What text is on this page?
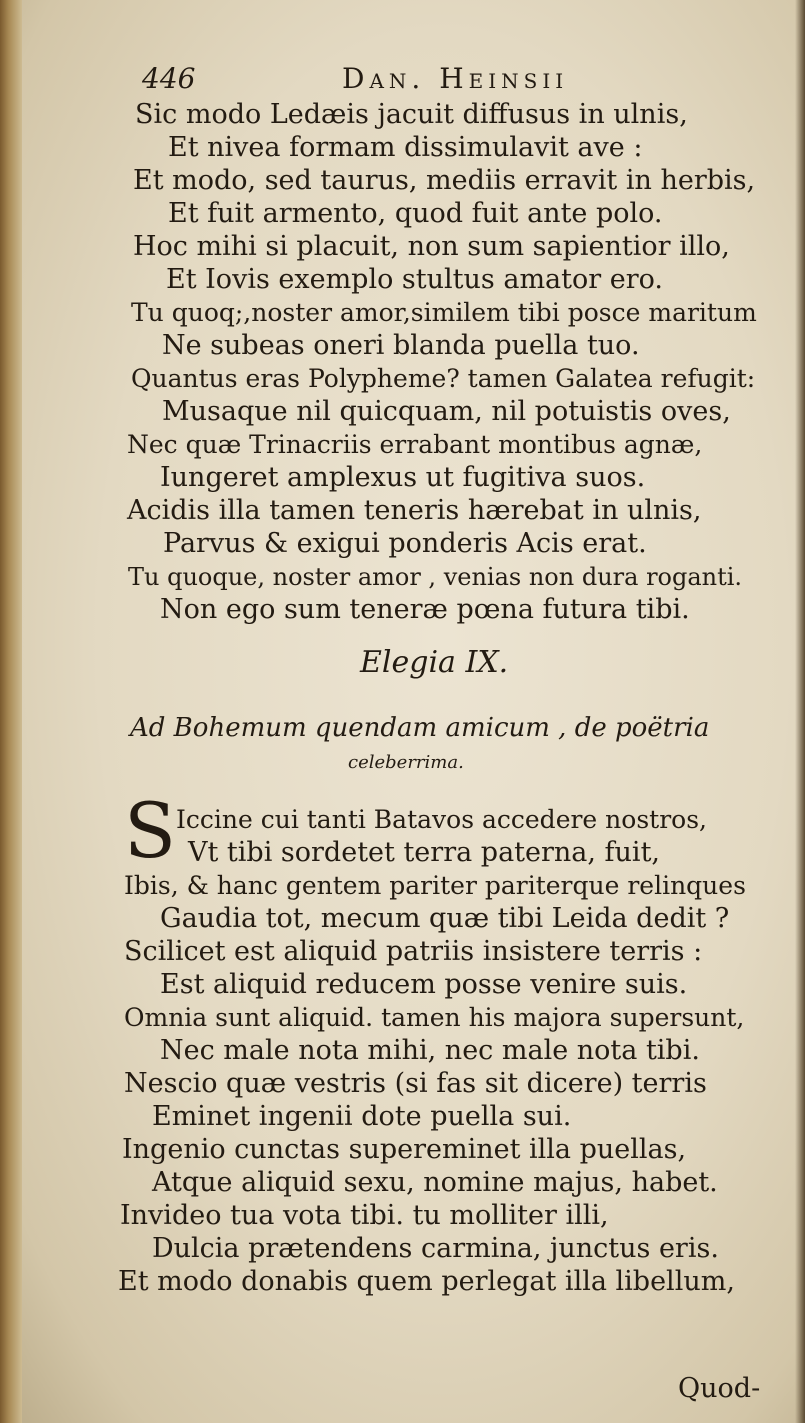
446	Dan. Heinsii
Sic modo Ledæis jacuit diffusus in ulnis,
Et nivea formam dissimulavit ave :
Et modo, sed taurus, mediis erravit in herbis,
Et fuit armento, quod fuit ante polo.
Hoc mihi si placuit, non sum sapientior illo,
Et Iovis exemplo stultus amator ero.
Tu quoq;,noster amor,similem tibi posce maritum
Ne subeas oneri blanda puella tuo.
Quantus eras Polypheme? tamen Galatea refugit:
Musaque nil quicquam, nil potuistis oves,
Nec quæ Trinacriis errabant montibus agnæ,
Iungeret amplexus ut fugitiva suos.
Acidis illa tamen teneris hærebat in ulnis,
Parvus & exigui ponderis Acis erat.
Tu quoque, noster amor , venias non dura roganti.
Non ego sum teneræ pœna futura tibi.
Elegia IX.
Ad Bohemum quendam amicum , de poëtria
celeberrima.
S Iccine cui tanti Batavos accedere nostros,
Vt tibi sordetet terra paterna, fuit,
Ibis, & hanc gentem pariter pariterque relinques
Gaudia tot, mecum quæ tibi Leida dedit ?
Scilicet est aliquid patriis insistere terris :
Est aliquid reducem posse venire suis.
Omnia sunt aliquid. tamen his majora supersunt,
Nec male nota mihi, nec male nota tibi.
Nescio quæ vestris (si fas sit dicere) terris
Eminet ingenii dote puella sui.
Ingenio cunctas supereminet illa puellas,
Atque aliquid sexu, nomine majus, habet.
Invideo tua vota tibi. tu molliter illi,
Dulcia prætendens carmina, junctus eris.
Et modo donabis quem perlegat illa libellum,
Quod-
